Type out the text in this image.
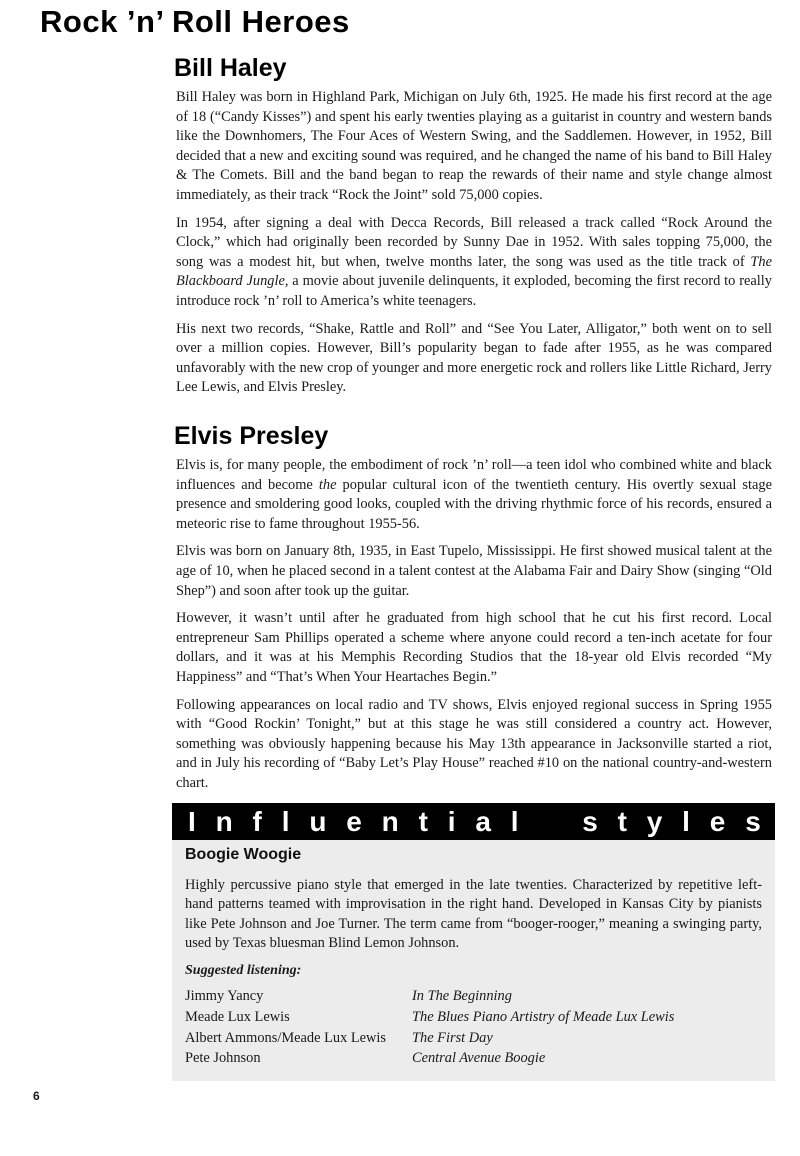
Rock ’n’ Roll Heroes
Bill Haley

Bill Haley was born in Highland Park, Michigan on July 6th, 1925. He made his first record at the age of 18 (“Candy Kisses”) and spent his early twenties playing as a guitarist in country and western bands like the Downhomers, The Four Aces of Western Swing, and the Saddlemen. However, in 1952, Bill decided that a new and exciting sound was required, and he changed the name of his band to Bill Haley & The Comets. Bill and the band began to reap the rewards of their name and style change almost immediately, as their track “Rock the Joint” sold 75,000 copies.

In 1954, after signing a deal with Decca Records, Bill released a track called “Rock Around the Clock,” which had originally been recorded by Sunny Dae in 1952. With sales topping 75,000, the song was a modest hit, but when, twelve months later, the song was used as the title track of The Blackboard Jungle, a movie about juvenile delinquents, it exploded, becoming the first record to really introduce rock ’n’ roll to America’s white teenagers.

His next two records, “Shake, Rattle and Roll” and “See You Later, Alligator,” both went on to sell over a million copies. However, Bill’s popularity began to fade after 1955, as he was compared unfavorably with the new crop of younger and more energetic rock and rollers like Little Richard, Jerry Lee Lewis, and Elvis Presley.

Elvis Presley

Elvis is, for many people, the embodiment of rock ’n’ roll—a teen idol who combined white and black influences and become the popular cultural icon of the twentieth century. His overtly sexual stage presence and smoldering good looks, coupled with the driving rhythmic force of his records, ensured a meteoric rise to fame throughout 1955-56.

Elvis was born on January 8th, 1935, in East Tupelo, Mississippi. He first showed musical talent at the age of 10, when he placed second in a talent contest at the Alabama Fair and Dairy Show (singing “Old Shep”) and soon after took up the guitar.

However, it wasn’t until after he graduated from high school that he cut his first record. Local entrepreneur Sam Phillips operated a scheme where anyone could record a ten-inch acetate for four dollars, and it was at his Memphis Recording Studios that the 18-year old Elvis recorded “My Happiness” and “That’s When Your Heartaches Begin.”

Following appearances on local radio and TV shows, Elvis enjoyed regional success in Spring 1955 with “Good Rockin’ Tonight,” but at this stage he was still considered a country act. However, something was obviously happening because his May 13th appearance in Jacksonville started a riot, and in July his recording of “Baby Let’s Play House” reached #10 on the national country-and-western chart.

I n f l u e n t i a l s t y l e s
Boogie Woogie

Highly percussive piano style that emerged in the late twenties. Characterized by repetitive left-hand patterns teamed with improvisation in the right hand. Developed in Kansas City by pianists like Pete Johnson and Joe Turner. The term came from “booger-rooger,” meaning a swinging party, used by Texas bluesman Blind Lemon Johnson.

Suggested listening:

Jimmy Yancy	In The Beginning
Meade Lux Lewis	The Blues Piano Artistry of Meade Lux Lewis
Albert Ammons/Meade Lux Lewis	The First Day
Pete Johnson	Central Avenue Boogie
6
